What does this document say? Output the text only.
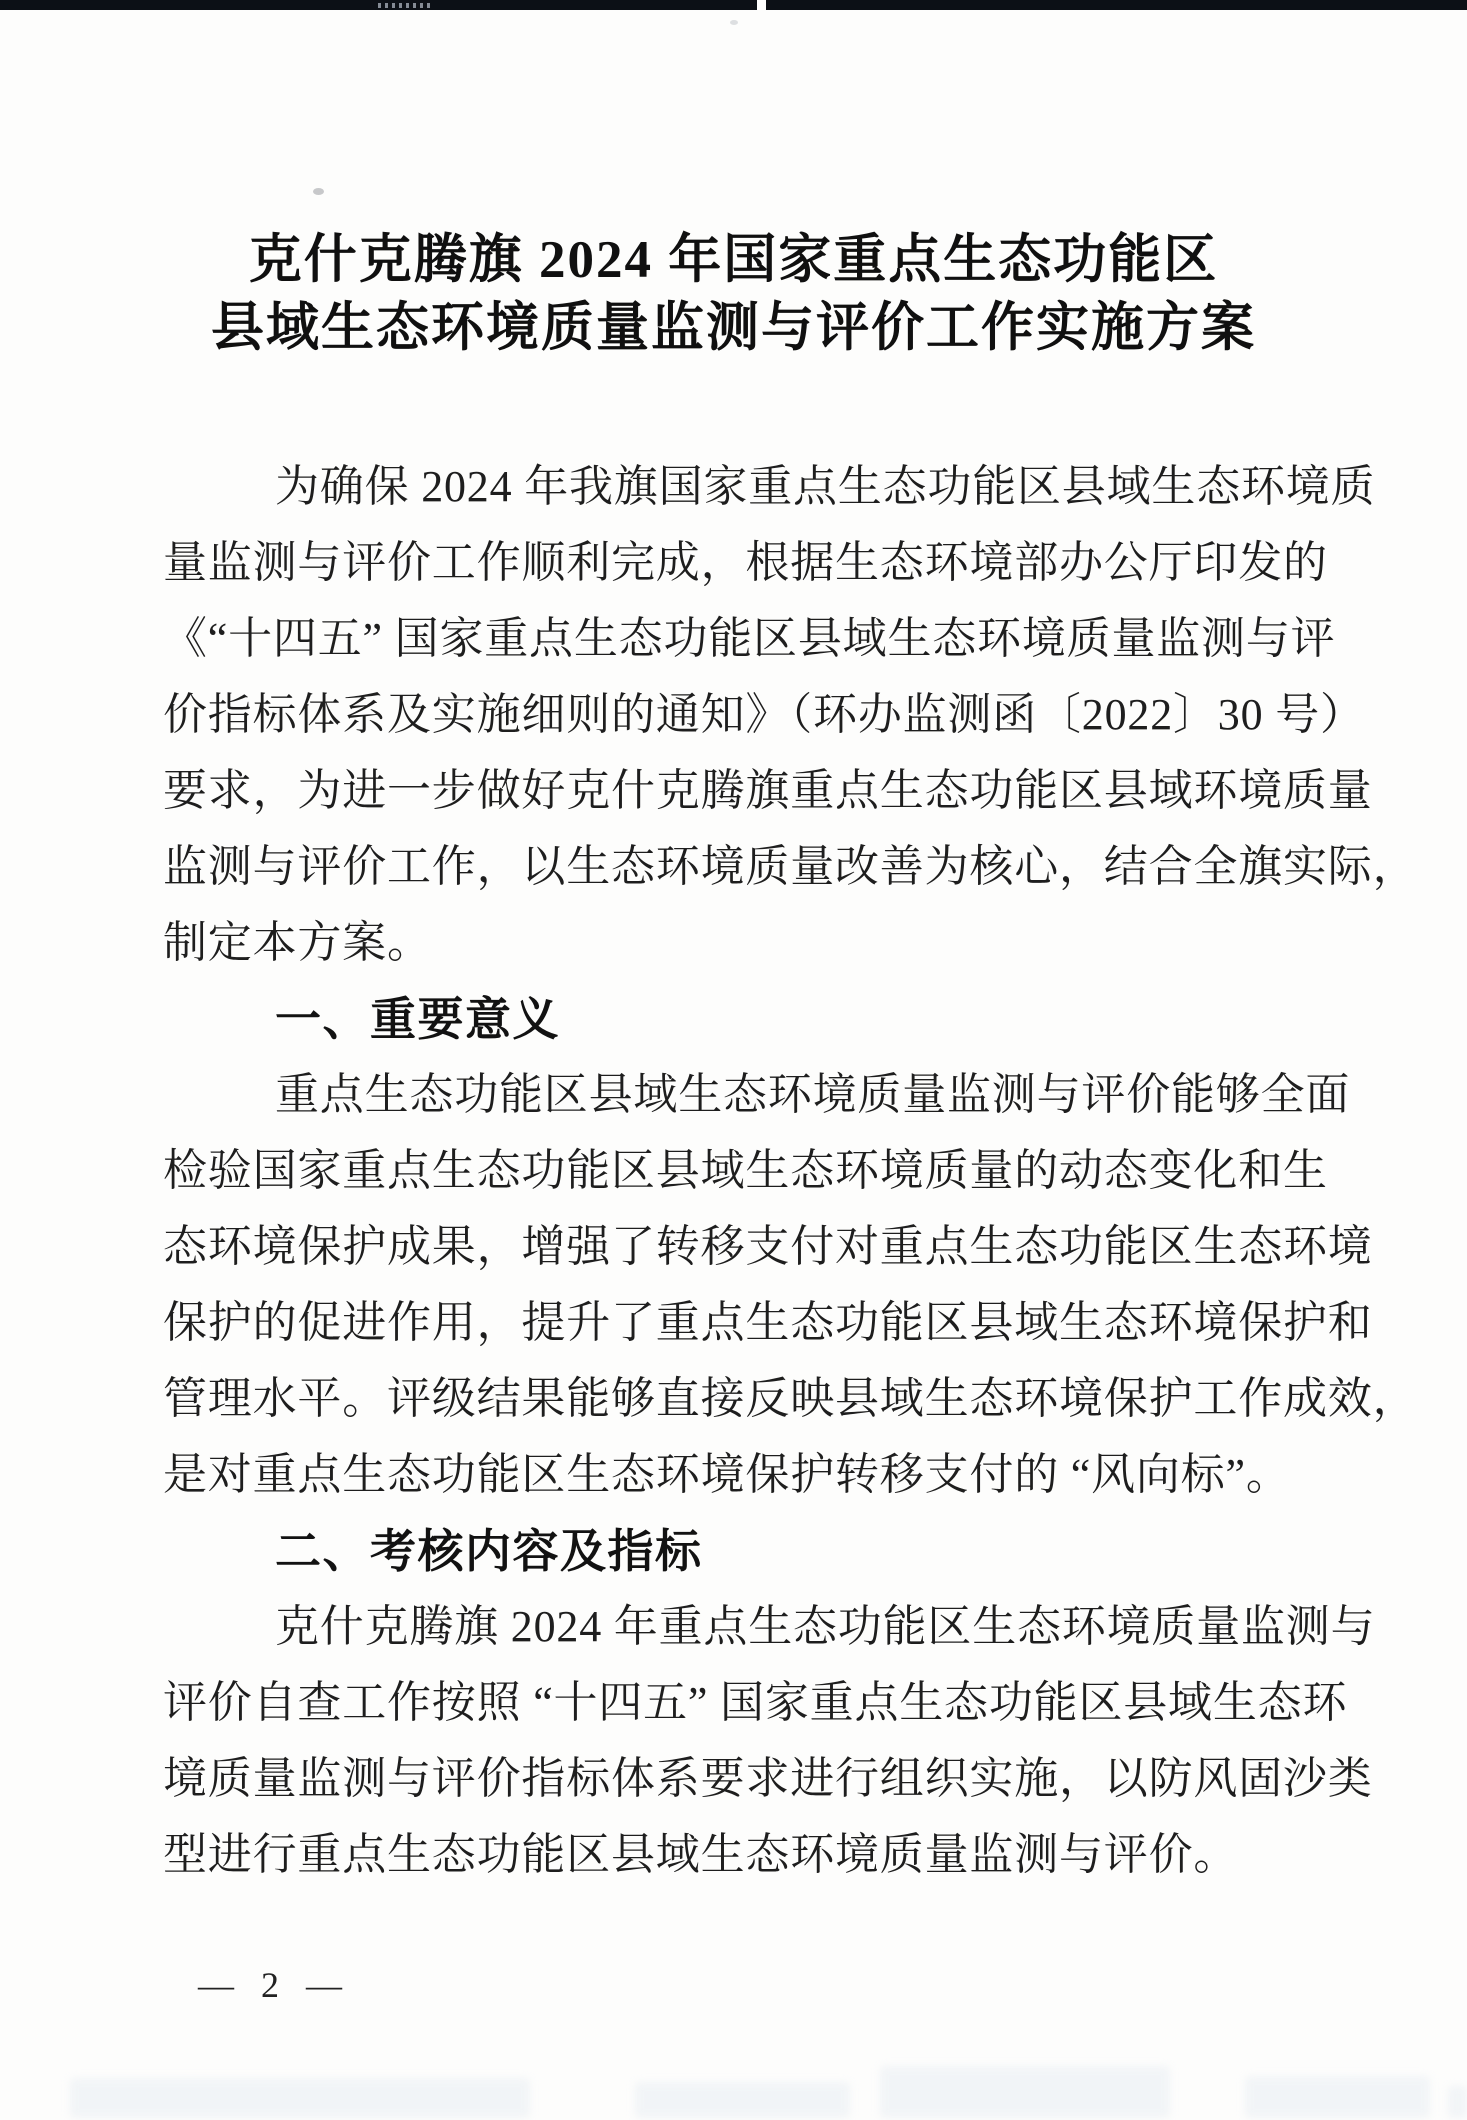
克什克腾旗 2024 年国家重点生态功能区
县域生态环境质量监测与评价工作实施方案
为确保 2024 年我旗国家重点生态功能区县域生态环境质
量监测与评价工作顺利完成，根据生态环境部办公厅印发的
《“十四五” 国家重点生态功能区县域生态环境质量监测与评
价指标体系及实施细则的通知》（环办监测函〔2022〕30 号）
要求，为进一步做好克什克腾旗重点生态功能区县域环境质量
监测与评价工作，以生态环境质量改善为核心，结合全旗实际，
制定本方案。
一、重要意义
重点生态功能区县域生态环境质量监测与评价能够全面
检验国家重点生态功能区县域生态环境质量的动态变化和生
态环境保护成果，增强了转移支付对重点生态功能区生态环境
保护的促进作用，提升了重点生态功能区县域生态环境保护和
管理水平。评级结果能够直接反映县域生态环境保护工作成效，
是对重点生态功能区生态环境保护转移支付的 “风向标”。
二、考核内容及指标
克什克腾旗 2024 年重点生态功能区生态环境质量监测与
评价自查工作按照 “十四五” 国家重点生态功能区县域生态环
境质量监测与评价指标体系要求进行组织实施，以防风固沙类
型进行重点生态功能区县域生态环境质量监测与评价。
— 2 —
